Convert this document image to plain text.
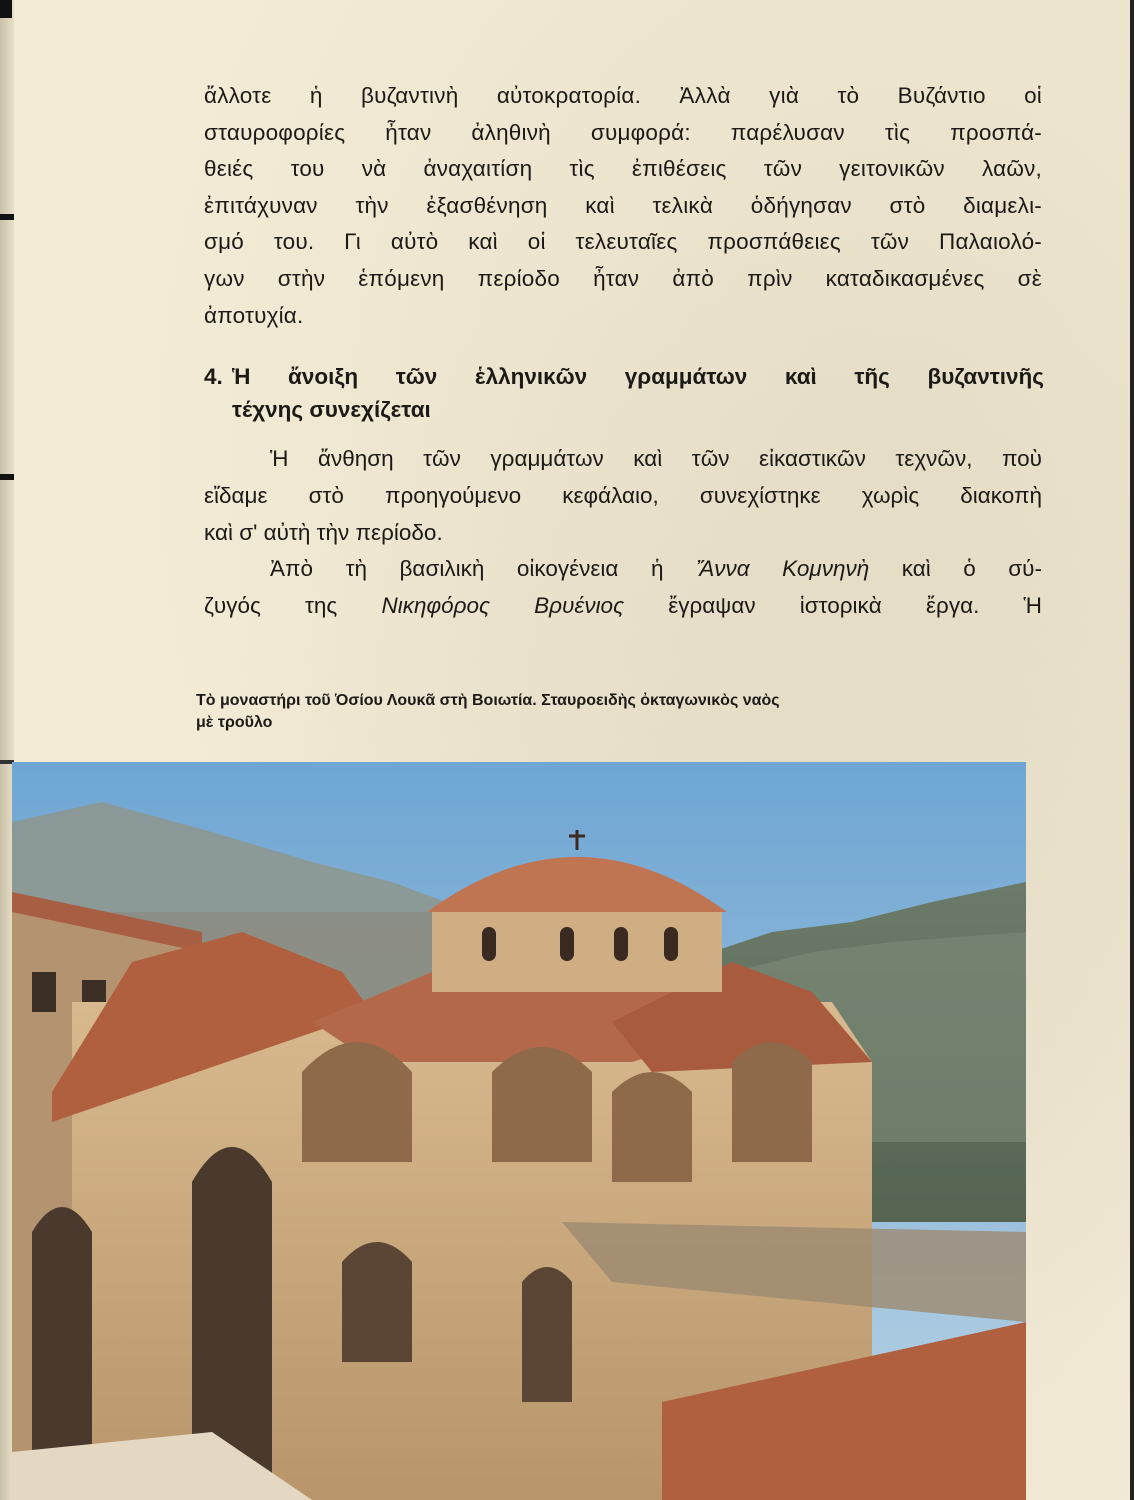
ἄλλοτε ἡ βυζαντινὴ αὐτοκρατορία. Ἀλλὰ γιὰ τὸ Βυζάντιο οἱ
σταυροφορίες ἦταν ἀληθινὴ συμφορά: παρέλυσαν τὶς προσπά-
θειές του νὰ ἀναχαιτίση τὶς ἐπιθέσεις τῶν γειτονικῶν λαῶν,
ἐπιτάχυναν τὴν ἐξασθένηση καὶ τελικὰ ὁδήγησαν στὸ διαμελι-
σμό του. Γι αὐτὸ καὶ οἱ τελευταῖες προσπάθειες τῶν Παλαιολό-
γων στὴν ἑπόμενη περίοδο ἦταν ἀπὸ πρὶν καταδικασμένες σὲ
ἀποτυχία.
4. Ἡ ἄνοιξη τῶν ἑλληνικῶν γραμμάτων καὶ τῆς βυζαντινῆς
τέχνης συνεχίζεται
Ἡ ἄνθηση τῶν γραμμάτων καὶ τῶν εἰκαστικῶν τεχνῶν, ποὺ
εἴδαμε στὸ προηγούμενο κεφάλαιο, συνεχίστηκε χωρὶς διακοπὴ
καὶ σ' αὐτὴ τὴν περίοδο.
Ἀπὸ τὴ βασιλικὴ οἰκογένεια ἡ Ἄννα Κομνηνὴ καὶ ὁ σύ-
ζυγός της Νικηφόρος Βρυένιος ἔγραψαν ἱστορικὰ ἔργα. Ἡ
Τὸ μοναστήρι τοῦ Ὁσίου Λουκᾶ στὴ Βοιωτία. Σταυροειδὴς ὀκταγωνικὸς ναὸς
μὲ τροῦλο
